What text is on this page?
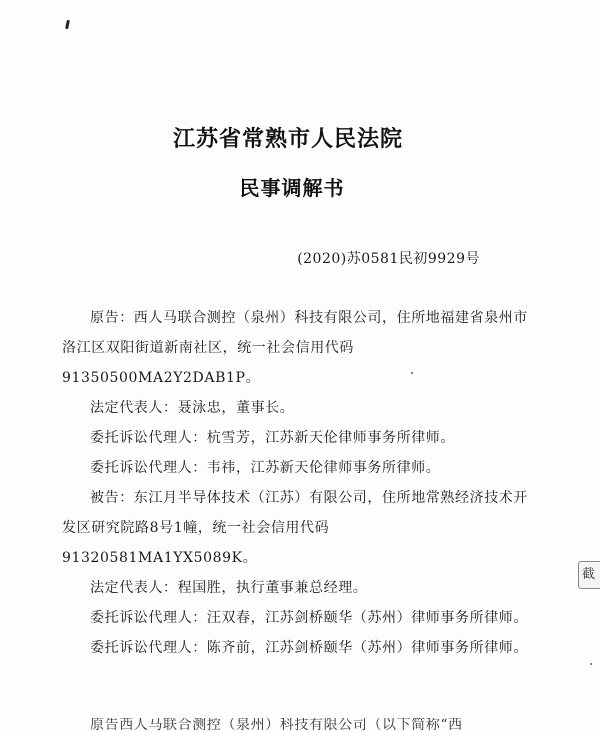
江苏省常熟市人民法院
民事调解书
(2020)苏0581民初9929号

原告：西人马联合测控（泉州）科技有限公司，住所地福建省泉州市洛江区双阳街道新南社区，统一社会信用代码

91350500MA2Y2DAB1P。

法定代表人：聂泳忠，董事长。

委托诉讼代理人：杭雪芳，江苏新天伦律师事务所律师。

委托诉讼代理人：韦祎，江苏新天伦律师事务所律师。

被告：东江月半导体技术（江苏）有限公司，住所地常熟经济技术开发区研究院路8号1幢，统一社会信用代码

91320581MA1YX5089K。

法定代表人：程国胜，执行董事兼总经理。

委托诉讼代理人：汪双春，江苏剑桥颐华（苏州）律师事务所律师。

委托诉讼代理人：陈齐前，江苏剑桥颐华（苏州）律师事务所律师。

原告西人马联合测控（泉州）科技有限公司（以下简称“西
截
